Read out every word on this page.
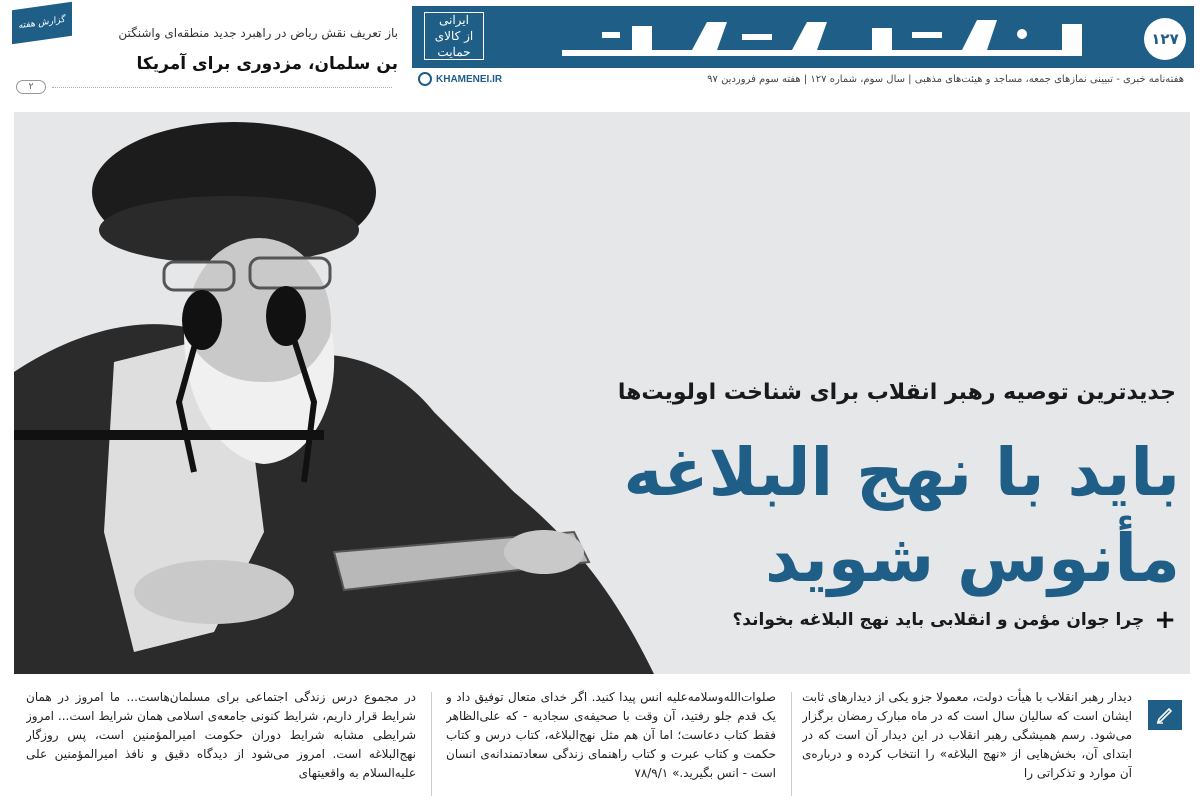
۱۲۷
ایرانی
از کالای
حمایت
هفته‌نامه خبری - تبیینی نمازهای جمعه، مساجد و هیئت‌های مذهبی | سال سوم، شماره ۱۲۷ | هفته سوم فروردین ۹۷
KHAMENEI.IR
گزارش هفته
باز تعریف نقش ریاض در راهبرد جدید منطقه‌ای واشنگتن
بن سلمان، مزدوری برای آمریکا
۲
جدیدترین توصیه رهبر انقلاب برای شناخت اولویت‌ها
باید با نهج البلاغه
مأنوس شوید
+
چرا جوان مؤمن و انقلابی باید نهج البلاغه بخواند؟
دیدار رهبر انقلاب با هیأت دولت، معمولا جزو یکی از دیدارهای ثابت ایشان است که سالیان سال است که در ماه مبارک رمضان برگزار می‌شود. رسم همیشگی رهبر انقلاب در این دیدار آن است که در ابتدای آن، بخش‌هایی از «نهج البلاغه» را انتخاب کرده و درباره‌ی آن موارد و تذکراتی را
صلوات‌الله‌وسلامه‌علیه انس پیدا کنید. اگر خدای متعال توفیق داد و یک قدم جلو رفتید، آن وقت با صحیفه‌ی سجادیه - که علی‌الظاهر فقط کتاب دعاست؛ اما آن هم مثل نهج‌البلاغه، کتاب درس و کتاب حکمت و کتاب عبرت و کتاب راهنمای زندگی سعادتمندانه‌ی انسان است - انس بگیرید.» ۷۸/۹/۱
در مجموع درس زندگی اجتماعی برای مسلمان‌هاست... ما امروز در همان شرایط قرار داریم، شرایط کنونی جامعه‌ی اسلامی همان شرایط است... امروز شرایطی مشابه شرایط دوران حکومت امیرالمؤمنین است، پس روزگار نهج‌البلاغه است. امروز می‌شود از دیدگاه دقیق و نافذ امیرالمؤمنین علی علیه‌السلام به واقعیتهای
